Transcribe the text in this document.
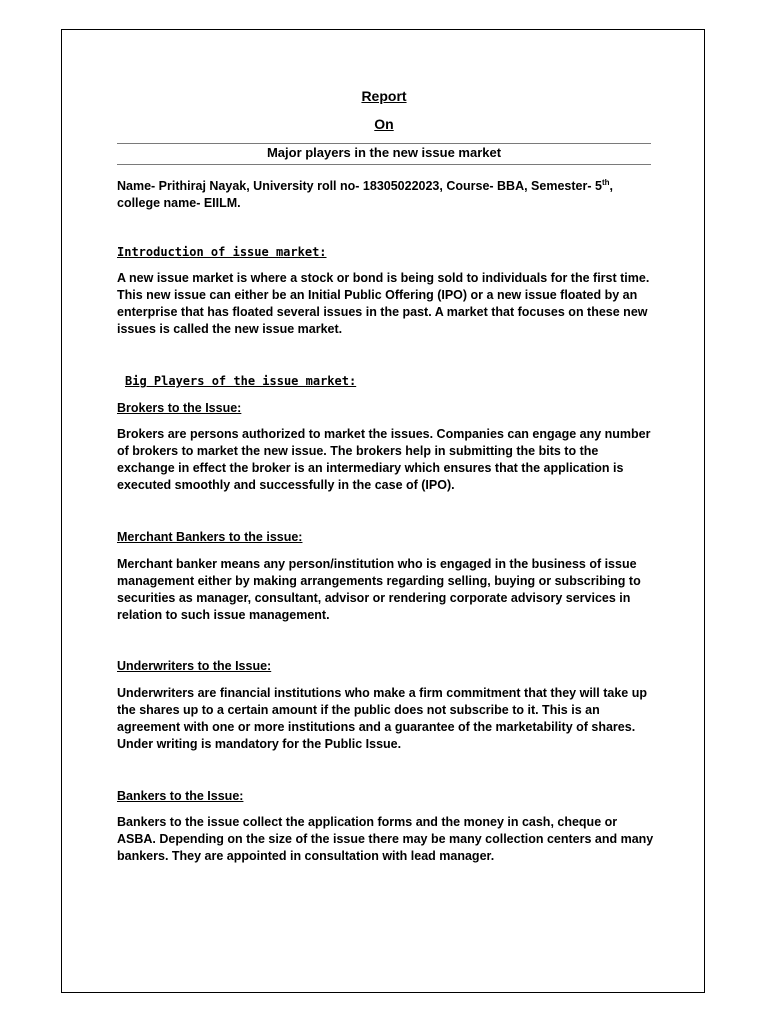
Report
On
Major players in the new issue market
Name- Prithiraj Nayak, University roll no- 18305022023, Course- BBA, Semester- 5th,
college name- EIILM.
Introduction of issue market:
A new issue market is where a stock or bond is being sold to individuals for the first time. This new issue can either be an Initial Public Offering (IPO) or a new issue floated by an enterprise that has floated several issues in the past. A market that focuses on these new issues is called the new issue market.
Big Players of the issue market:
Brokers to the Issue:
Brokers are persons authorized to market the issues. Companies can engage any number of brokers to market the new issue. The brokers help in submitting the bits to the exchange in effect the broker is an intermediary which ensures that the application is executed smoothly and successfully in the case of (IPO).
Merchant Bankers to the issue:
Merchant banker means any person/institution who is engaged in the business of issue management either by making arrangements regarding selling, buying or subscribing to securities as manager, consultant, advisor or rendering corporate advisory services in relation to such issue management.
Underwriters to the Issue:
Underwriters are financial institutions who make a firm commitment that they will take up the shares up to a certain amount if the public does not subscribe to it. This is an agreement with one or more institutions and a guarantee of the marketability of shares. Under writing is mandatory for the Public Issue.
Bankers to the Issue:
Bankers to the issue collect the application forms and the money in cash, cheque or ASBA. Depending on the size of the issue there may be many collection centers and many bankers. They are appointed in consultation with lead manager.
